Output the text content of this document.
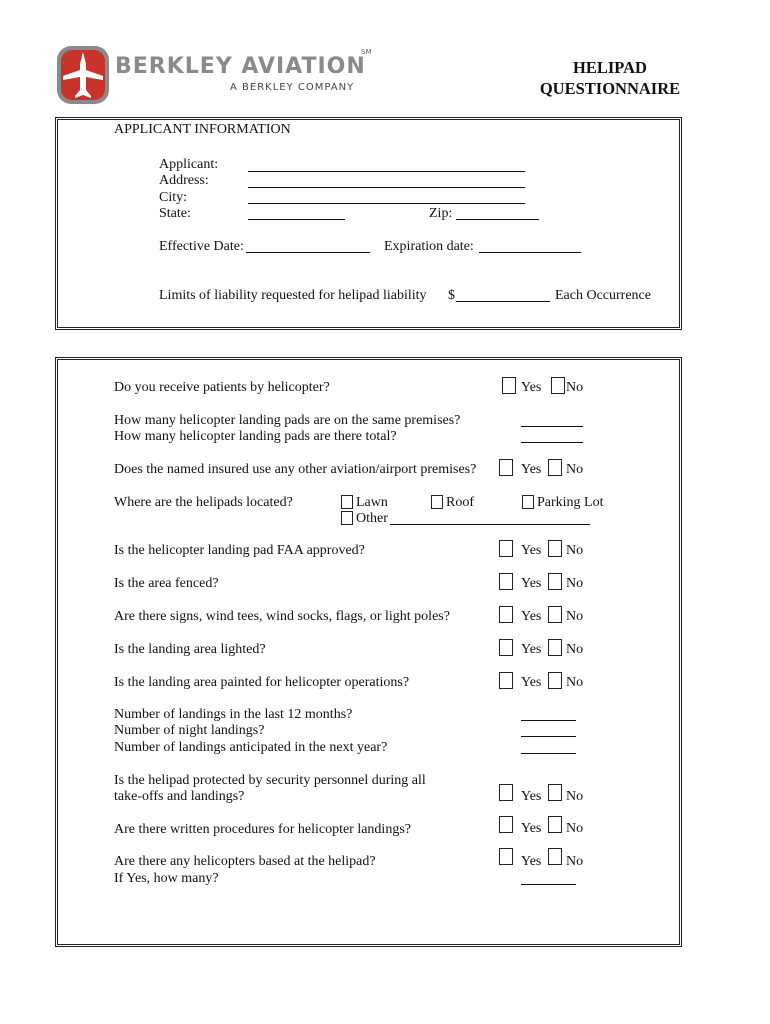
BERKLEY AVIATION
SM
A BERKLEY COMPANY
HELIPAD
QUESTIONNAIRE
APPLICANT INFORMATION
Applicant:
Address:
City:
State:	Zip:
Effective Date:	Expiration date:
Limits of liability requested for helipad liability $	Each Occurrence
Do you receive patients by helicopter?	Yes No
How many helicopter landing pads are on the same premises?
How many helicopter landing pads are there total?
Does the named insured use any other aviation/airport premises?	Yes No
Where are the helipads located?	Lawn	Roof	Parking Lot
Other
Is the helicopter landing pad FAA approved?	Yes No
Is the area fenced?	Yes No
Are there signs, wind tees, wind socks, flags, or light poles?	Yes No
Is the landing area lighted?	Yes No
Is the landing area painted for helicopter operations?	Yes No
Number of landings in the last 12 months?
Number of night landings?
Number of landings anticipated in the next year?
Is the helipad protected by security personnel during all
take-offs and landings?	Yes No
Are there written procedures for helicopter landings?	Yes No
Are there any helicopters based at the helipad?	Yes No
If Yes, how many?
